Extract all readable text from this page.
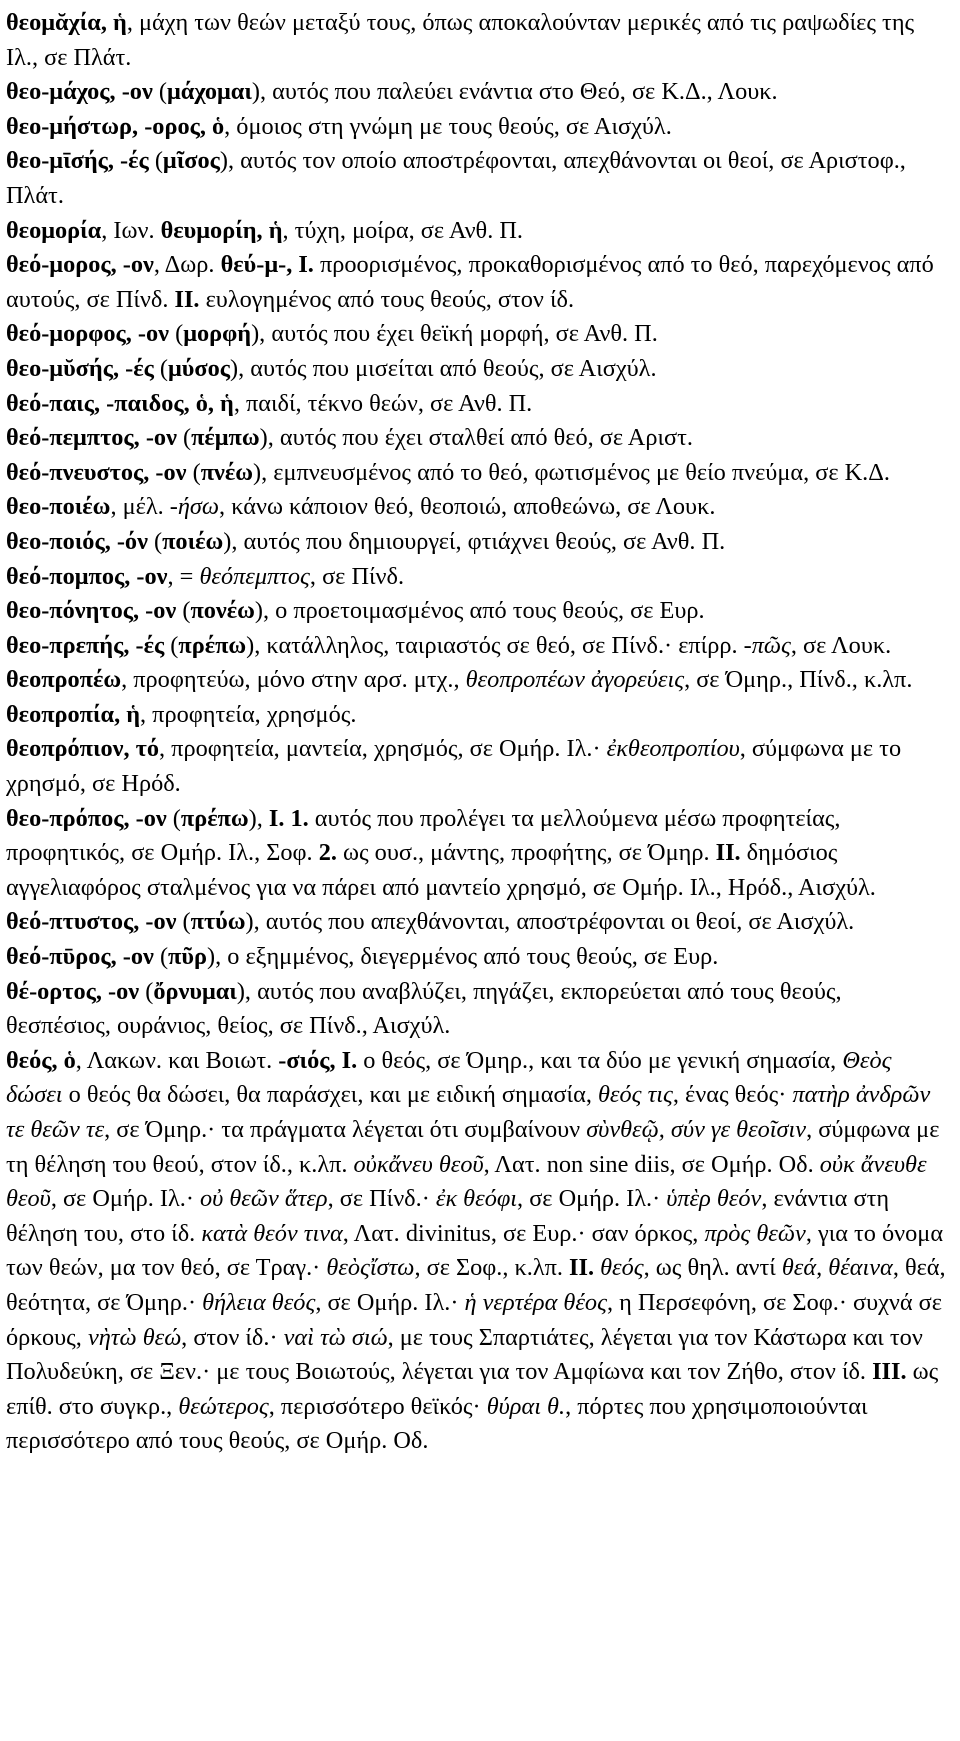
θεομᾰχία, ἡ, μάχη των θεών μεταξύ τους, όπως αποκαλούνταν μερικές από τις ραψωδίες της Ιλ., σε Πλάτ.

θεο-μάχος, -ον (μάχομαι), αυτός που παλεύει ενάντια στο Θεό, σε Κ.Δ., Λουκ.

θεο-μήστωρ, -ορος, ὁ, όμοιος στη γνώμη με τους θεούς, σε Αισχύλ.

θεο-μῑσής, -ές (μῖσος), αυτός τον οποίο αποστρέφονται, απεχθάνονται οι θεοί, σε Αριστοφ., Πλάτ.

θεομορία, Ιων. θευμορίη, ἡ, τύχη, μοίρα, σε Ανθ. Π.

θεό-μορος, -ον, Δωρ. θεύ-μ-, I. προορισμένος, προκαθορισμένος από το θεό, παρεχόμενος από αυτούς, σε Πίνδ. II. ευλογημένος από τους θεούς, στον ίδ.

θεό-μορφος, -ον (μορφή), αυτός που έχει θεϊκή μορφή, σε Ανθ. Π.

θεο-μῠσής, -ές (μύσος), αυτός που μισείται από θεούς, σε Αισχύλ.

θεό-παις, -παιδος, ὁ, ἡ, παιδί, τέκνο θεών, σε Ανθ. Π.

θεό-πεμπτος, -ον (πέμπω), αυτός που έχει σταλθεί από θεό, σε Αριστ.

θεό-πνευστος, -ον (πνέω), εμπνευσμένος από το θεό, φωτισμένος με θείο πνεύμα, σε Κ.Δ.

θεο-ποιέω, μέλ. -ήσω, κάνω κάποιον θεό, θεοποιώ, αποθεώνω, σε Λουκ.

θεο-ποιός, -όν (ποιέω), αυτός που δημιουργεί, φτιάχνει θεούς, σε Ανθ. Π.

θεό-πομπος, -ον, = θεόπεμπτος, σε Πίνδ.

θεο-πόνητος, -ον (πονέω), ο προετοιμασμένος από τους θεούς, σε Ευρ.

θεο-πρεπής, -ές (πρέπω), κατάλληλος, ταιριαστός σε θεό, σε Πίνδ.· επίρρ. -πῶς, σε Λουκ.

θεοπροπέω, προφητεύω, μόνο στην αρσ. μτχ., θεοπροπέων ἀγορεύεις, σε Όμηρ., Πίνδ., κ.λπ.

θεοπροπία, ἡ, προφητεία, χρησμός.

θεοπρόπιον, τό, προφητεία, μαντεία, χρησμός, σε Ομήρ. Ιλ.· ἐκθεοπροπίου, σύμφωνα με το χρησμό, σε Ηρόδ.

θεο-πρόπος, -ον (πρέπω), I. 1. αυτός που προλέγει τα μελλούμενα μέσω προφητείας, προφητικός, σε Ομήρ. Ιλ., Σοφ. 2. ως ουσ., μάντης, προφήτης, σε Όμηρ. II. δημόσιος αγγελιαφόρος σταλμένος για να πάρει από μαντείο χρησμό, σε Ομήρ. Ιλ., Ηρόδ., Αισχύλ.

θεό-πτυστος, -ον (πτύω), αυτός που απεχθάνονται, αποστρέφονται οι θεοί, σε Αισχύλ.

θεό-πῡρος, -ον (πῦρ), ο εξημμένος, διεγερμένος από τους θεούς, σε Ευρ.

θέ-ορτος, -ον (ὄρνυμαι), αυτός που αναβλύζει, πηγάζει, εκπορεύεται από τους θεούς, θεσπέσιος, ουράνιος, θείος, σε Πίνδ., Αισχύλ.

θεός, ὁ, Λακων. και Βοιωτ. -σιός, I. ο θεός, σε Όμηρ., και τα δύο με γενική σημασία, Θεὸς δώσει ο θεός θα δώσει, θα παράσχει, και με ειδική σημασία, θεός τις, ένας θεός· πατὴρ ἀνδρῶν τε θεῶν τε, σε Όμηρ.· τα πράγματα λέγεται ότι συμβαίνουν σὺνθεῷ, σύν γε θεοῖσιν, σύμφωνα με τη θέληση του θεού, στον ίδ., κ.λπ. οὐκἄνευ θεοῦ, Λατ. non sine diis, σε Ομήρ. Οδ. οὐκ ἄνευθε θεοῦ, σε Ομήρ. Ιλ.· οὐ θεῶν ἅτερ, σε Πίνδ.· ἐκ θεόφι, σε Ομήρ. Ιλ.· ὑπὲρ θεόν, ενάντια στη θέληση του, στο ίδ. κατὰ θεόν τινα, Λατ. divinitus, σε Ευρ.· σαν όρκος, πρὸς θεῶν, για το όνομα των θεών, μα τον θεό, σε Τραγ.· θεὸςἴστω, σε Σοφ., κ.λπ. II. θεός, ως θηλ. αντί θεά, θέαινα, θεά, θεότητα, σε Όμηρ.· θήλεια θεός, σε Ομήρ. Ιλ.· ἡ νερτέρα θέος, η Περσεφόνη, σε Σοφ.· συχνά σε όρκους, νὴτὼ θεώ, στον ίδ.· ναὶ τὼ σιώ, με τους Σπαρτιάτες, λέγεται για τον Κάστωρα και τον Πολυδεύκη, σε Ξεν.· με τους Βοιωτούς, λέγεται για τον Αμφίωνα και τον Ζήθο, στον ίδ. III. ως επίθ. στο συγκρ., θεώτερος, περισσότερο θεϊκός· θύραι θ., πόρτες που χρησιμοποιούνται περισσότερο από τους θεούς, σε Ομήρ. Οδ.
